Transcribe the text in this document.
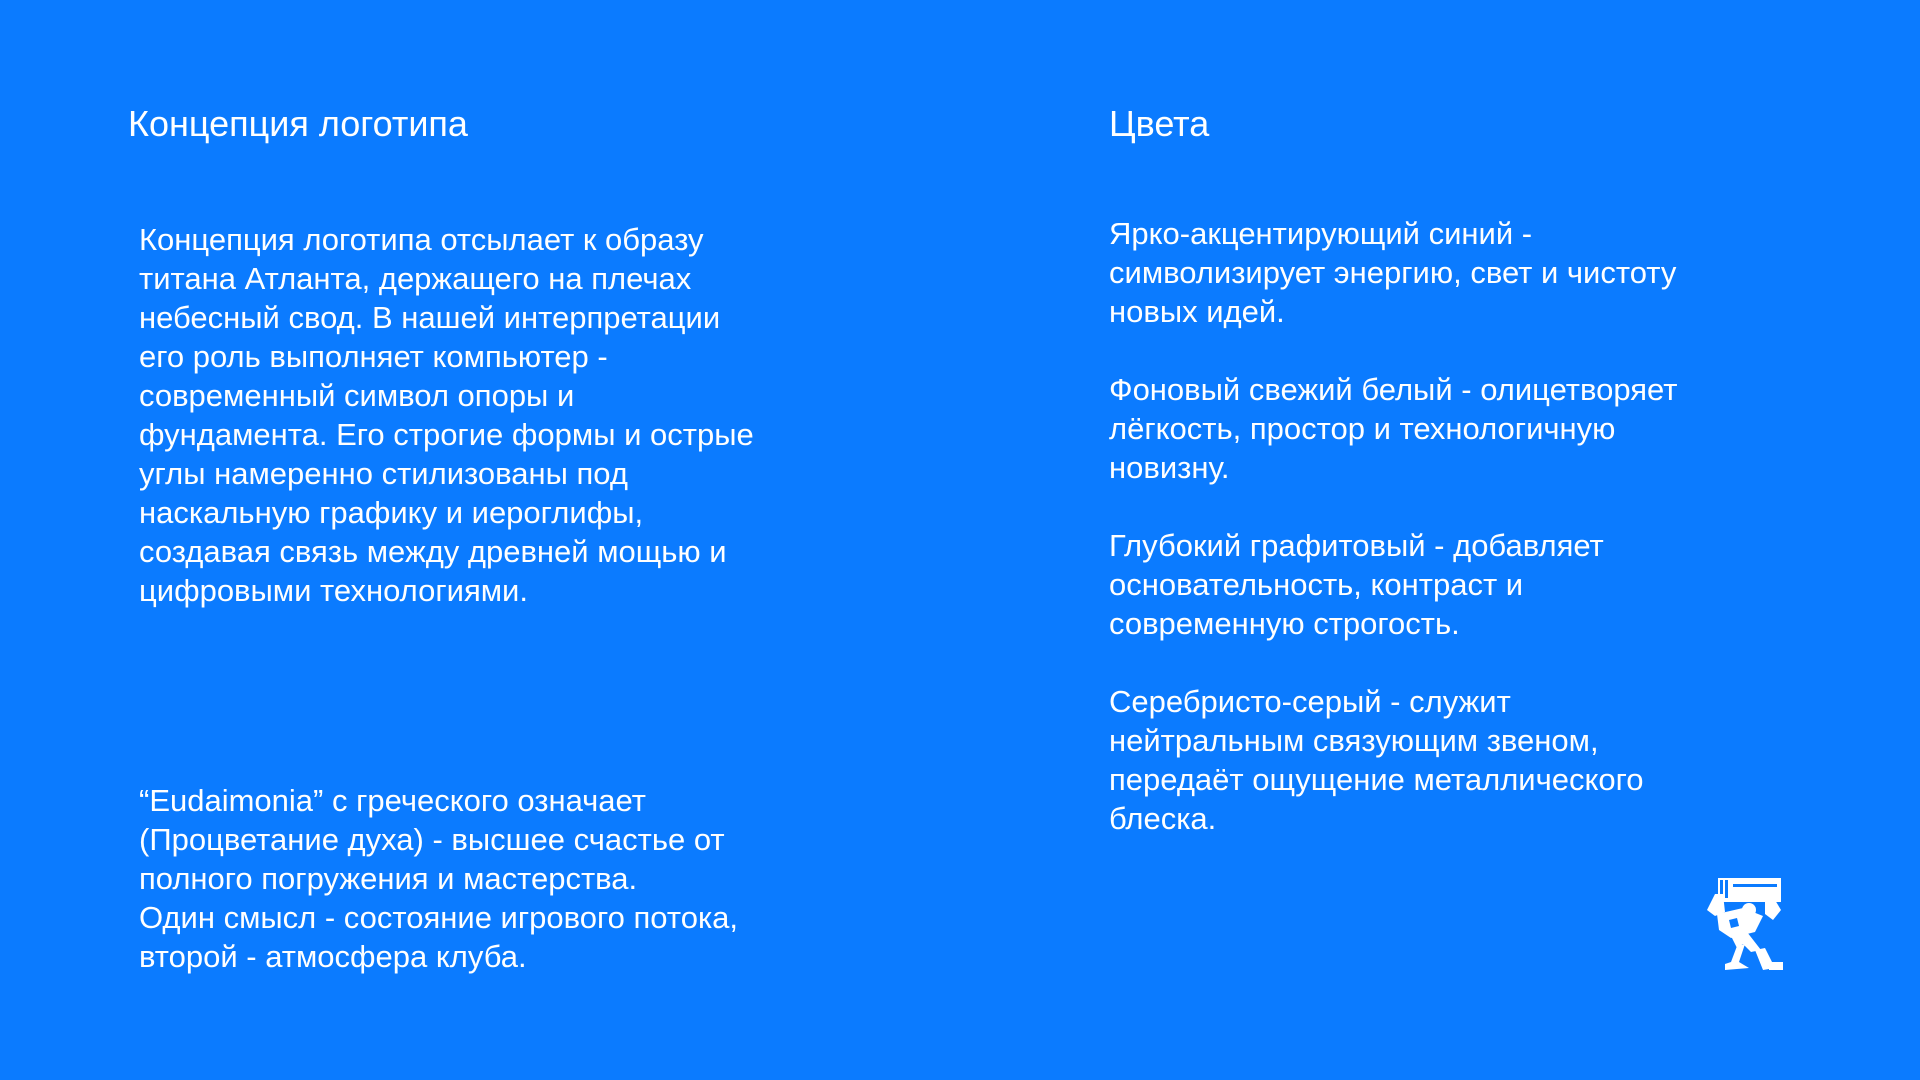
Концепция логотипа	Цвета

Концепция логотипа отсылает к образу
титана Атланта, держащего на плечах
небесный свод. В нашей интерпретации
его роль выполняет компьютер -
современный символ опоры и
фундамента. Его строгие формы и острые
углы намеренно стилизованы под
наскальную графику и иероглифы,
создавая связь между древней мощью и
цифровыми технологиями.

“Eudaimonia” с греческого означает
(Процветание духа) - высшее счастье от
полного погружения и мастерства.
Один смысл - состояние игрового потока,
второй - атмосфера клуба.

Ярко-акцентирующий синий -
символизирует энергию, свет и чистоту
новых идей.
Фоновый свежий белый - олицетворяет
лёгкость, простор и технологичную
новизну.
Глубокий графитовый - добавляет
основательность, контраст и
современную строгость.
Серебристо-серый - служит
нейтральным связующим звеном,
передаёт ощущение металлического
блеска.
